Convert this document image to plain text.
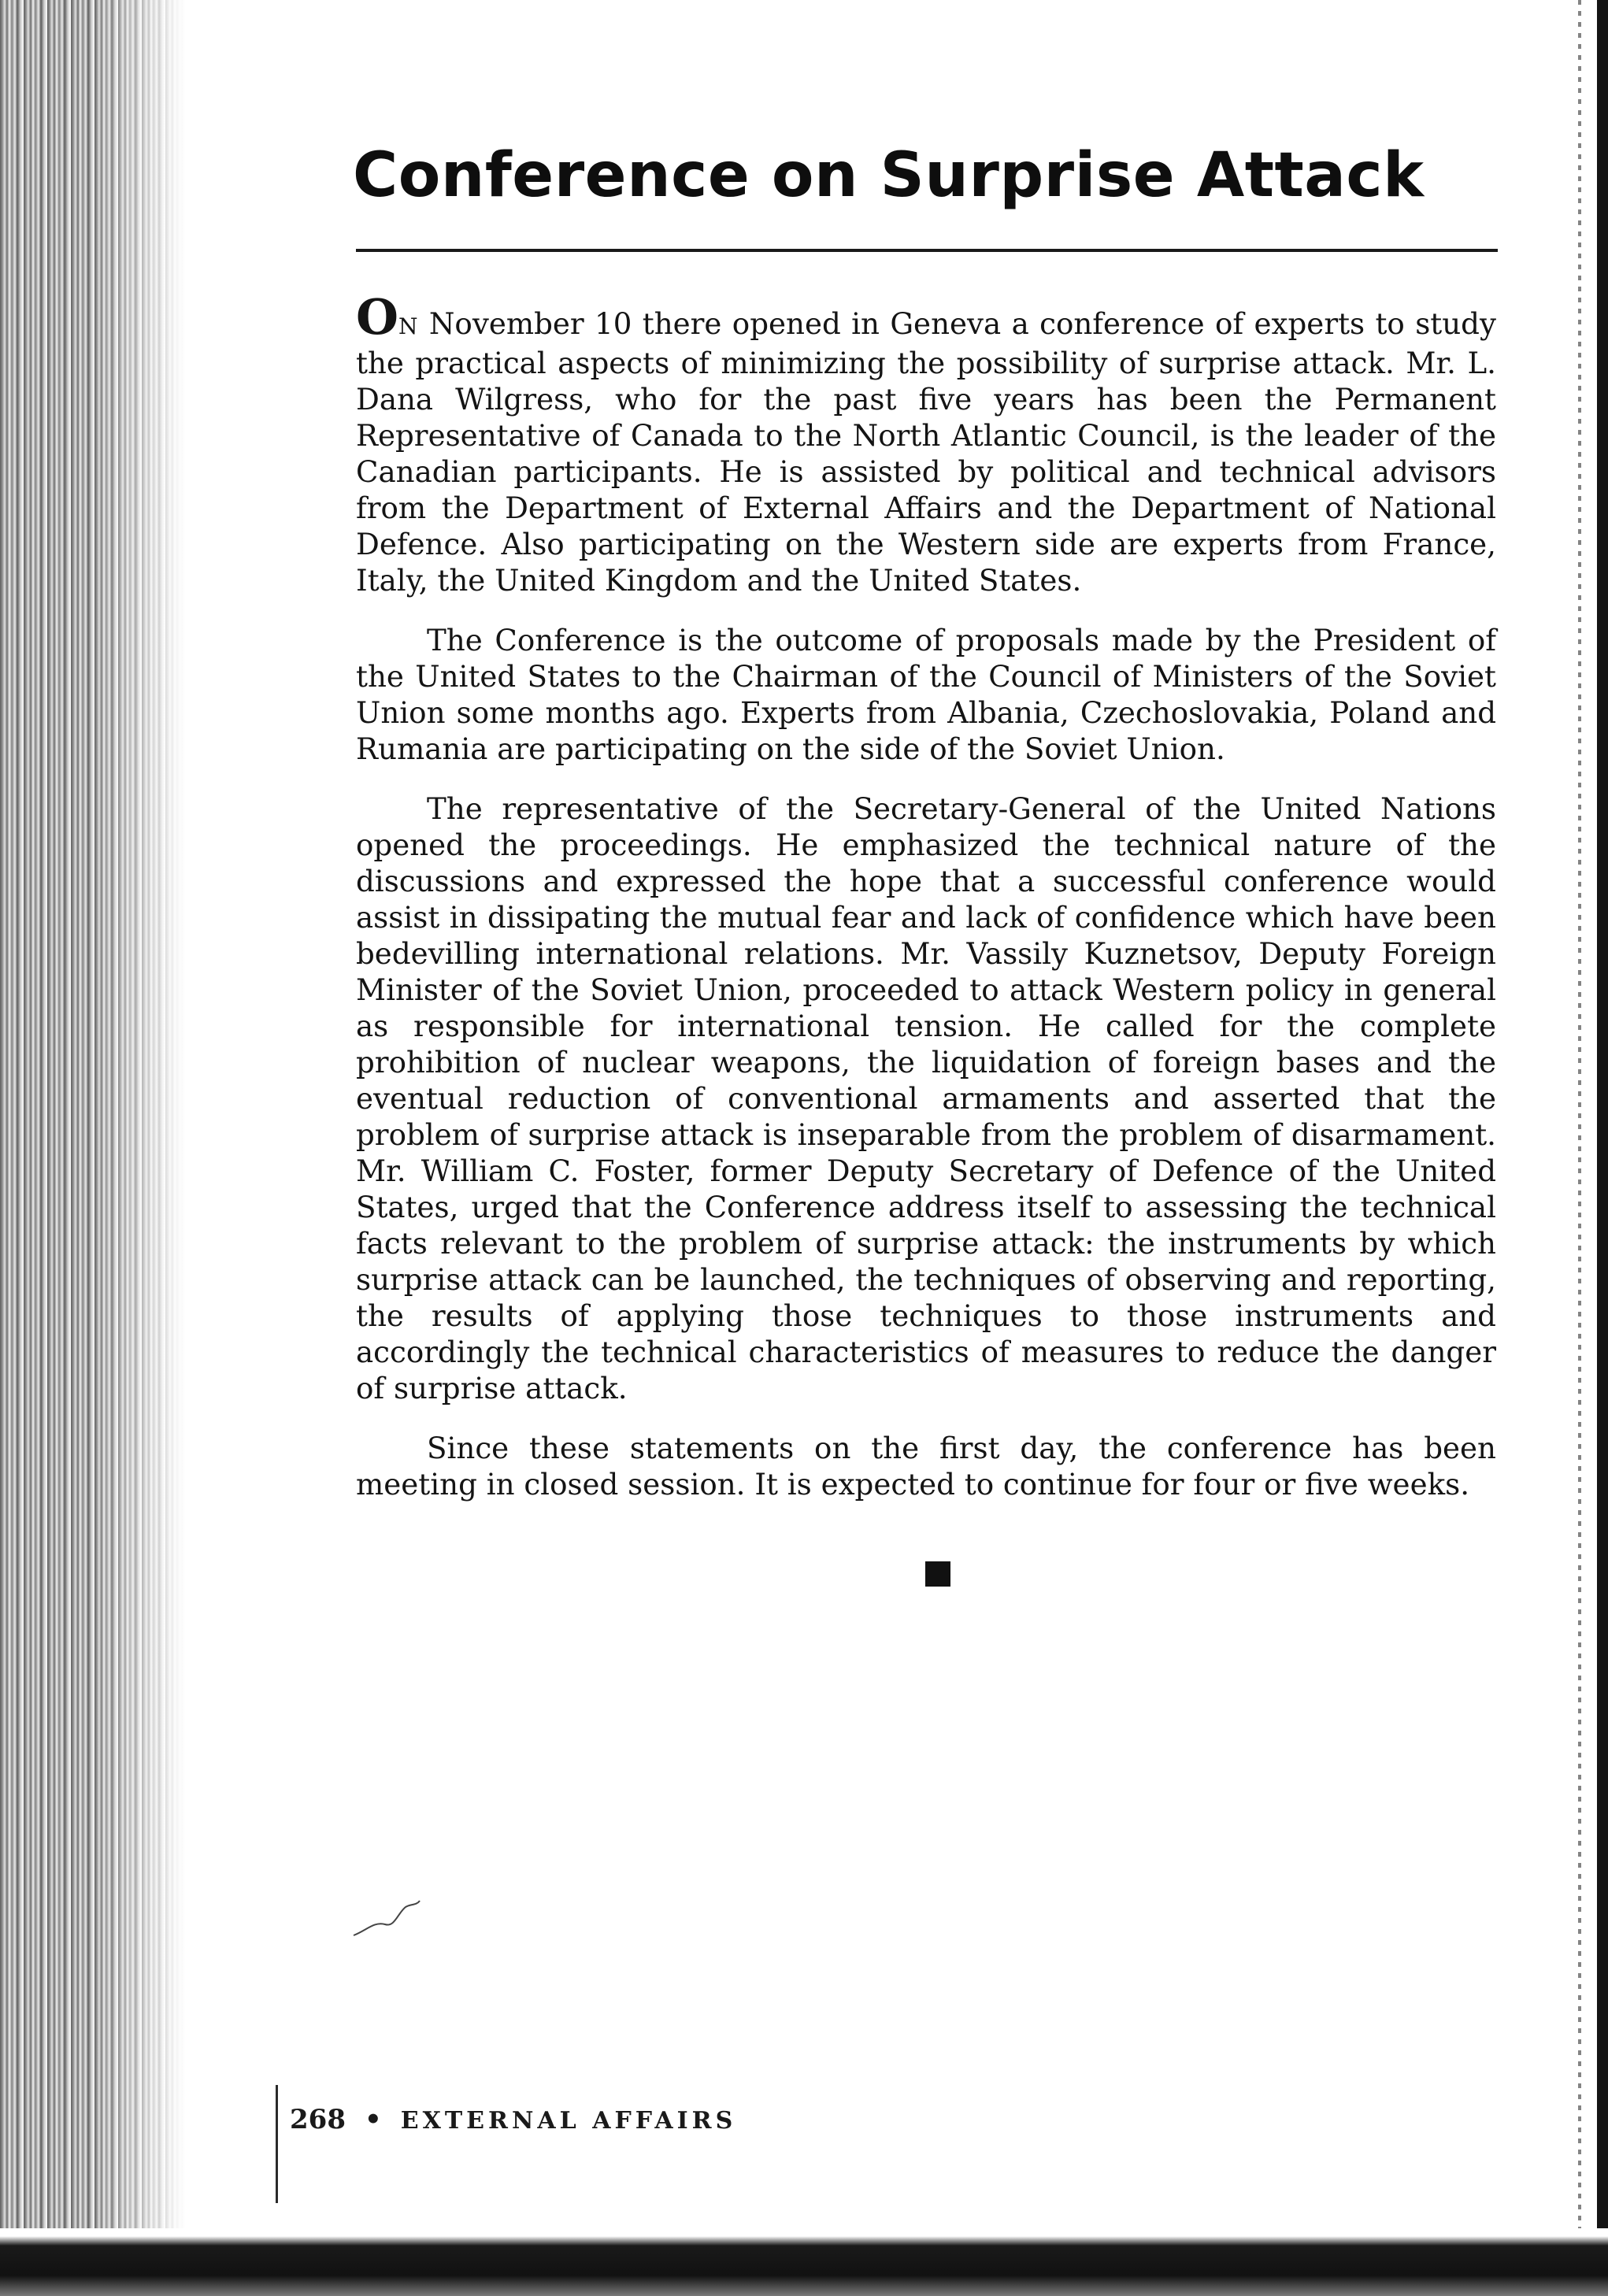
Conference on Surprise Attack

ON November 10 there opened in Geneva a conference of experts to study the practical aspects of minimizing the possibility of surprise attack. Mr. L. Dana Wilgress, who for the past five years has been the Permanent Representative of Canada to the North Atlantic Council, is the leader of the Canadian participants. He is assisted by political and technical advisors from the Department of External Affairs and the Department of National Defence. Also participating on the Western side are experts from France, Italy, the United Kingdom and the United States.

The Conference is the outcome of proposals made by the President of the United States to the Chairman of the Council of Ministers of the Soviet Union some months ago. Experts from Albania, Czechoslovakia, Poland and Rumania are participating on the side of the Soviet Union.

The representative of the Secretary-General of the United Nations opened the proceedings. He emphasized the technical nature of the discussions and expressed the hope that a successful conference would assist in dissipating the mutual fear and lack of confidence which have been bedevilling international relations. Mr. Vassily Kuznetsov, Deputy Foreign Minister of the Soviet Union, proceeded to attack Western policy in general as responsible for international tension. He called for the complete prohibition of nuclear weapons, the liquidation of foreign bases and the eventual reduction of conventional armaments and asserted that the problem of surprise attack is inseparable from the problem of disarmament. Mr. William C. Foster, former Deputy Secretary of Defence of the United States, urged that the Conference address itself to assessing the technical facts relevant to the problem of surprise attack: the instruments by which surprise attack can be launched, the techniques of observing and reporting, the results of applying those techniques to those instruments and accordingly the technical characteristics of measures to reduce the danger of surprise attack.

Since these statements on the first day, the conference has been meeting in closed session. It is expected to continue for four or five weeks.

268 • EXTERNAL AFFAIRS
